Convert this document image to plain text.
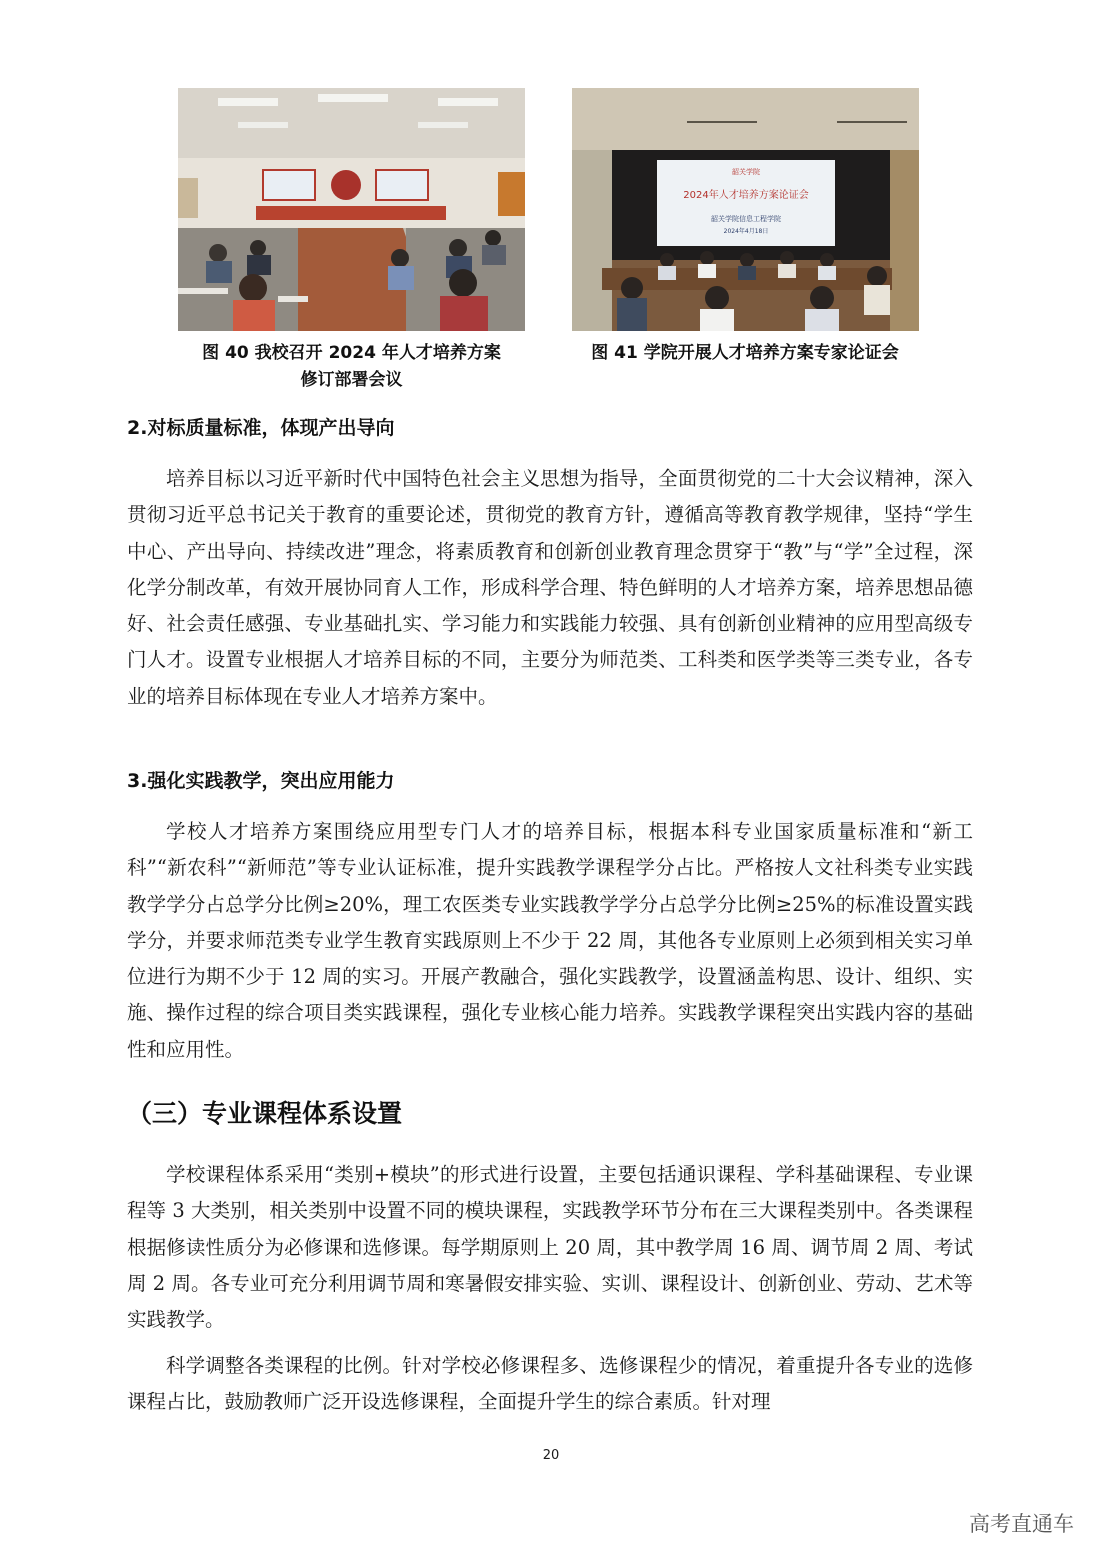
韶关学院
2024年人才培养方案论证会
韶关学院信息工程学院
2024年4月18日
图 40 我校召开 2024 年人才培养方案
修订部署会议
图 41 学院开展人才培养方案专家论证会
2.对标质量标准，体现产出导向
培养目标以习近平新时代中国特色社会主义思想为指导，全面贯彻党的二十大会议精神，深入贯彻习近平总书记关于教育的重要论述，贯彻党的教育方针，遵循高等教育教学规律，坚持“学生中心、产出导向、持续改进”理念，将素质教育和创新创业教育理念贯穿于“教”与“学”全过程，深化学分制改革，有效开展协同育人工作，形成科学合理、特色鲜明的人才培养方案，培养思想品德好、社会责任感强、专业基础扎实、学习能力和实践能力较强、具有创新创业精神的应用型高级专门人才。设置专业根据人才培养目标的不同，主要分为师范类、工科类和医学类等三类专业，各专业的培养目标体现在专业人才培养方案中。
3.强化实践教学，突出应用能力
学校人才培养方案围绕应用型专门人才的培养目标，根据本科专业国家质量标准和“新工科”“新农科”“新师范”等专业认证标准，提升实践教学课程学分占比。严格按人文社科类专业实践教学学分占总学分比例≥20%，理工农医类专业实践教学学分占总学分比例≥25%的标准设置实践学分，并要求师范类专业学生教育实践原则上不少于 22 周，其他各专业原则上必须到相关实习单位进行为期不少于 12 周的实习。开展产教融合，强化实践教学，设置涵盖构思、设计、组织、实施、操作过程的综合项目类实践课程，强化专业核心能力培养。实践教学课程突出实践内容的基础性和应用性。
（三）专业课程体系设置
学校课程体系采用“类别+模块”的形式进行设置，主要包括通识课程、学科基础课程、专业课程等 3 大类别，相关类别中设置不同的模块课程，实践教学环节分布在三大课程类别中。各类课程根据修读性质分为必修课和选修课。每学期原则上 20 周，其中教学周 16 周、调节周 2 周、考试周 2 周。各专业可充分利用调节周和寒暑假安排实验、实训、课程设计、创新创业、劳动、艺术等实践教学。
科学调整各类课程的比例。针对学校必修课程多、选修课程少的情况，着重提升各专业的选修课程占比，鼓励教师广泛开设选修课程，全面提升学生的综合素质。针对理
20
高考直通车
